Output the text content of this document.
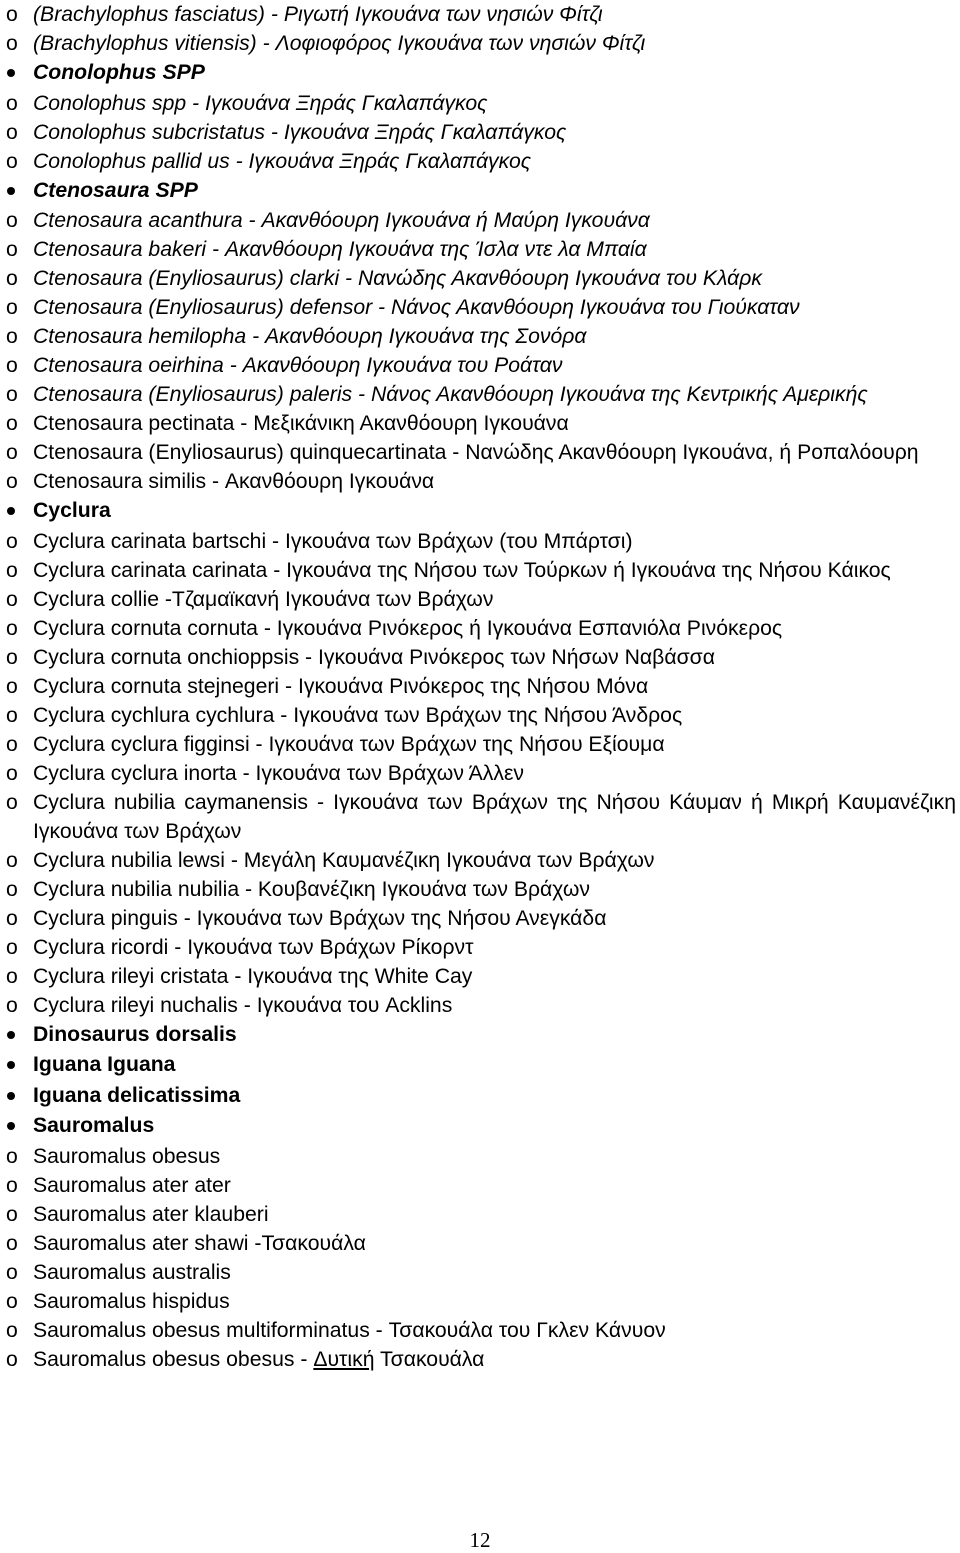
o
(Brachylophus fasciatus) - Ριγωτή Ιγκουάνα των νησιών Φίτζι
o
(Brachylophus vitiensis) - Λοφιοφόρος Ιγκουάνα των νησιών Φίτζι
Conolophus SPP
o
Conolophus spp - Ιγκουάνα Ξηράς Γκαλαπάγκος
o
Conolophus subcristatus - Ιγκουάνα Ξηράς Γκαλαπάγκος
o
Conolophus pallid us - Ιγκουάνα Ξηράς Γκαλαπάγκος
Ctenosaura SPP
o
Ctenosaura acanthura - Ακανθόουρη Ιγκουάνα ή Μαύρη Ιγκουάνα
o
Ctenosaura bakeri - Ακανθόουρη Ιγκουάνα της Ίσλα ντε λα Μπαία
o
Ctenosaura (Enyliosaurus) clarki - Νανώδης Ακανθόουρη Ιγκουάνα του Κλάρκ
o
Ctenosaura (Enyliosaurus) defensor - Νάνος Ακανθόουρη Ιγκουάνα του Γιούκαταν
o
Ctenosaura hemilopha - Ακανθόουρη Ιγκουάνα της Σονόρα
o
Ctenosaura oeirhina - Ακανθόουρη Ιγκουάνα του Ροάταν
o
Ctenosaura (Enyliosaurus) paleris - Νάνος Ακανθόουρη Ιγκουάνα της Κεντρικής Αμερικής
o
Ctenosaura pectinata - Μεξικάνικη Ακανθόουρη Ιγκουάνα
o
Ctenosaura (Enyliosaurus) quinquecartinata - Νανώδης Ακανθόουρη Ιγκουάνα, ή Ροπαλόουρη
o
Ctenosaura similis - Ακανθόουρη Ιγκουάνα
Cyclura
o
Cyclura carinata bartschi - Ιγκουάνα των Βράχων (του Μπάρτσι)
o
Cyclura carinata carinata - Ιγκουάνα της Νήσου των Τούρκων ή Ιγκουάνα της Νήσου Κάικος
o
Cyclura collie -Τζαμαϊκανή Ιγκουάνα των Βράχων
o
Cyclura cornuta cornuta - Ιγκουάνα Ρινόκερος ή Ιγκουάνα Εσπανιόλα Ρινόκερος
o
Cyclura cornuta onchioppsis - Ιγκουάνα Ρινόκερος των Νήσων Ναβάσσα
o
Cyclura cornuta stejnegeri - Ιγκουάνα Ρινόκερος της Νήσου Μόνα
o
Cyclura cychlura cychlura - Ιγκουάνα των Βράχων της Νήσου Άνδρος
o
Cyclura cyclura figginsi - Ιγκουάνα των Βράχων της Νήσου Εξίουμα
o
Cyclura cyclura inorta - Ιγκουάνα των Βράχων Άλλεν
o
Cyclura nubilia caymanensis - Ιγκουάνα των Βράχων της Νήσου Κάυμαν ή Μικρή Καυμανέζικη Ιγκουάνα των Βράχων
o
Cyclura nubilia lewsi - Μεγάλη Καυμανέζικη Ιγκουάνα των Βράχων
o
Cyclura nubilia nubilia - Κουβανέζικη Ιγκουάνα των Βράχων
o
Cyclura pinguis - Ιγκουάνα των Βράχων της Νήσου Ανεγκάδα
o
Cyclura ricordi - Ιγκουάνα των Βράχων Ρίκορντ
o
Cyclura rileyi cristata - Ιγκουάνα της White Cay
o
Cyclura rileyi nuchalis - Ιγκουάνα του Acklins
Dinosaurus dorsalis
Iguana Iguana
Iguana delicatissima
Sauromalus
o
Sauromalus obesus
o
Sauromalus ater ater
o
Sauromalus ater klauberi
o
Sauromalus ater shawi -Τσακουάλα
o
Sauromalus australis
o
Sauromalus hispidus
o
Sauromalus obesus multiforminatus - Τσακουάλα του Γκλεν Κάνυον
o
Sauromalus obesus obesus - Δυτική Τσακουάλα
12
